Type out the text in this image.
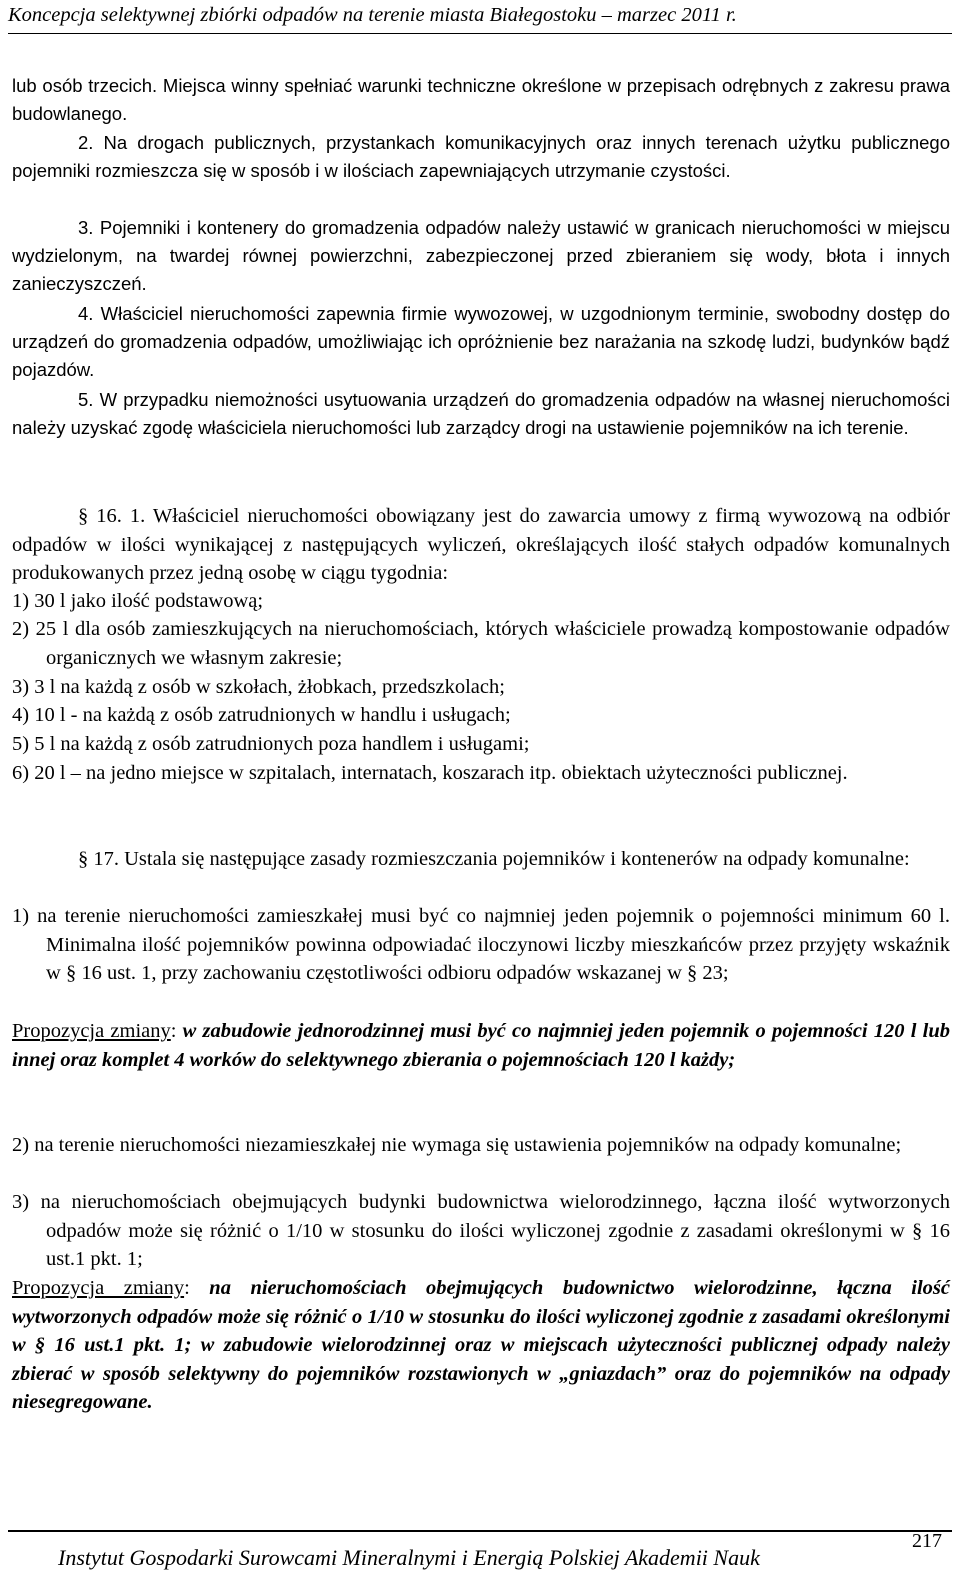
Koncepcja selektywnej zbiórki odpadów na terenie miasta Białegostoku – marzec 2011 r.

lub osób trzecich. Miejsca winny spełniać warunki techniczne określone w przepisach odrębnych z zakresu prawa budowlanego.

2. Na drogach publicznych, przystankach komunikacyjnych oraz innych terenach użytku publicznego pojemniki rozmieszcza się w sposób i w ilościach zapewniających utrzymanie czystości.

3. Pojemniki i kontenery do gromadzenia odpadów należy ustawić w granicach nieruchomości w miejscu wydzielonym, na twardej równej powierzchni, zabezpieczonej przed zbieraniem się wody, błota i innych zanieczyszczeń.

4. Właściciel nieruchomości zapewnia firmie wywozowej, w uzgodnionym terminie, swobodny dostęp do urządzeń do gromadzenia odpadów, umożliwiając ich opróżnienie bez narażania na szkodę ludzi, budynków bądź pojazdów.

5. W przypadku niemożności usytuowania urządzeń do gromadzenia odpadów na własnej nieruchomości należy uzyskać zgodę właściciela nieruchomości lub zarządcy drogi na ustawienie pojemników na ich terenie.

§ 16. 1. Właściciel nieruchomości obowiązany jest do zawarcia umowy z firmą wywozową na odbiór odpadów w ilości wynikającej z następujących wyliczeń, określających ilość stałych odpadów komunalnych produkowanych przez jedną osobę w ciągu tygodnia:

1) 30 l jako ilość podstawową;

2) 25 l dla osób zamieszkujących na nieruchomościach, których właściciele prowadzą kompostowanie odpadów organicznych we własnym zakresie;

3) 3 l na każdą z osób w szkołach, żłobkach, przedszkolach;

4) 10 l - na każdą z osób zatrudnionych w handlu i usługach;

5) 5 l na każdą z osób zatrudnionych poza handlem i usługami;

6) 20 l – na jedno miejsce w szpitalach, internatach, koszarach itp. obiektach użyteczności publicznej.

§ 17. Ustala się następujące zasady rozmieszczania pojemników i kontenerów na odpady komunalne:

1) na terenie nieruchomości zamieszkałej musi być co najmniej jeden pojemnik o pojemności minimum 60 l. Minimalna ilość pojemników powinna odpowiadać iloczynowi liczby mieszkańców przez przyjęty wskaźnik w § 16 ust. 1, przy zachowaniu częstotliwości odbioru odpadów wskazanej w § 23;

Propozycja zmiany: w zabudowie jednorodzinnej musi być co najmniej jeden pojemnik o pojemności 120 l lub innej oraz komplet 4 worków do selektywnego zbierania o pojemnościach 120 l każdy;

2) na terenie nieruchomości niezamieszkałej nie wymaga się ustawienia pojemników na odpady komunalne;

3) na nieruchomościach obejmujących budynki budownictwa wielorodzinnego, łączna ilość wytworzonych odpadów może się różnić o 1/10 w stosunku do ilości wyliczonej zgodnie z zasadami określonymi w § 16 ust.1 pkt. 1;

Propozycja zmiany: na nieruchomościach obejmujących budownictwo wielorodzinne, łączna ilość wytworzonych odpadów może się różnić o 1/10 w stosunku do ilości wyliczonej zgodnie z zasadami określonymi w § 16 ust.1 pkt. 1; w zabudowie wielorodzinnej oraz w miejscach użyteczności publicznej odpady należy zbierać w sposób selektywny do pojemników rozstawionych w „gniazdach” oraz do pojemników na odpady niesegregowane.

Instytut Gospodarki Surowcami Mineralnymi i Energią Polskiej Akademii Nauk
217
